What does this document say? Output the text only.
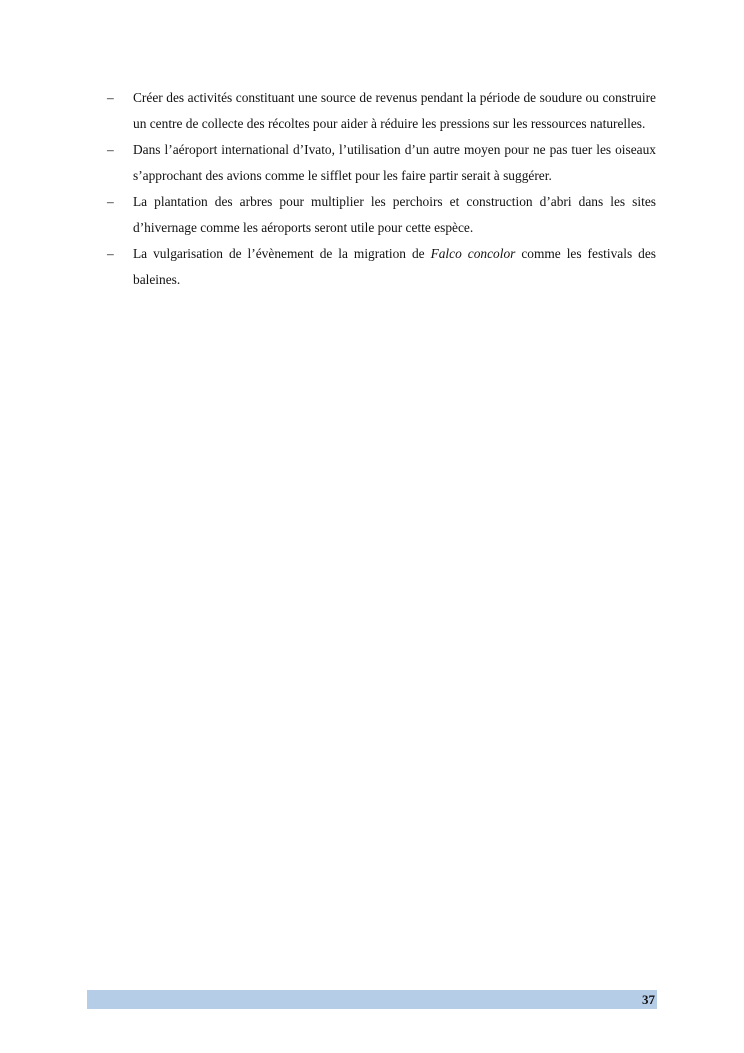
– Créer des activités constituant une source de revenus pendant la période de soudure ou construire un centre de collecte des récoltes pour aider à réduire les pressions sur les ressources naturelles.
– Dans l’aéroport international d’Ivato, l’utilisation d’un autre moyen pour ne pas tuer les oiseaux s’approchant des avions comme le sifflet pour les faire partir serait à suggérer.
– La plantation des arbres pour multiplier les perchoirs et construction d’abri dans les sites d’hivernage comme les aéroports seront utile pour cette espèce.
– La vulgarisation de l’évènement de la migration de Falco concolor comme les festivals des baleines.
37
